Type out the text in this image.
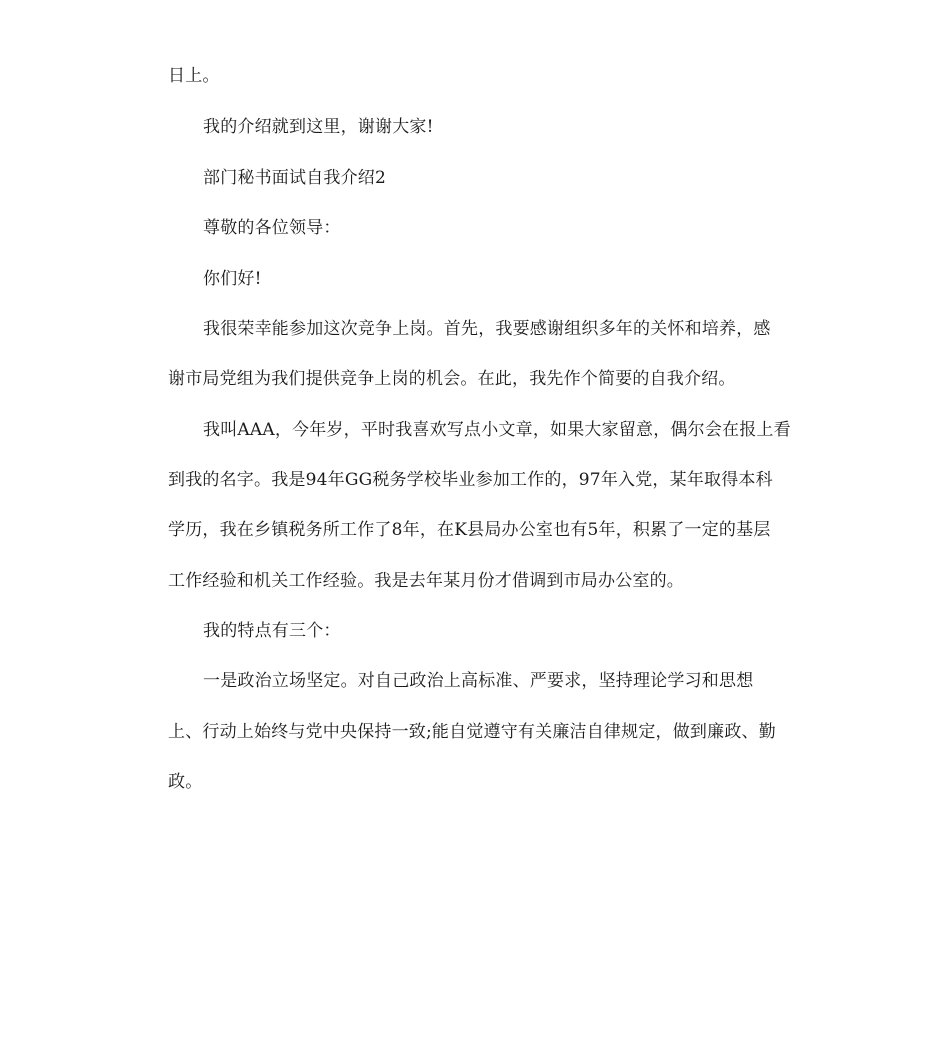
日上。

我的介绍就到这里，谢谢大家!

部门秘书面试自我介绍2

尊敬的各位领导：

你们好!

我很荣幸能参加这次竞争上岗。首先，我要感谢组织多年的关怀和培养，感

谢市局党组为我们提供竞争上岗的机会。在此，我先作个简要的自我介绍。

我叫AAA，今年岁，平时我喜欢写点小文章，如果大家留意，偶尔会在报上看

到我的名字。我是94年GG税务学校毕业参加工作的，97年入党，某年取得本科

学历，我在乡镇税务所工作了8年，在K县局办公室也有5年，积累了一定的基层

工作经验和机关工作经验。我是去年某月份才借调到市局办公室的。

我的特点有三个：

一是政治立场坚定。对自己政治上高标准、严要求，坚持理论学习和思想

上、行动上始终与党中央保持一致;能自觉遵守有关廉洁自律规定，做到廉政、勤

政。
